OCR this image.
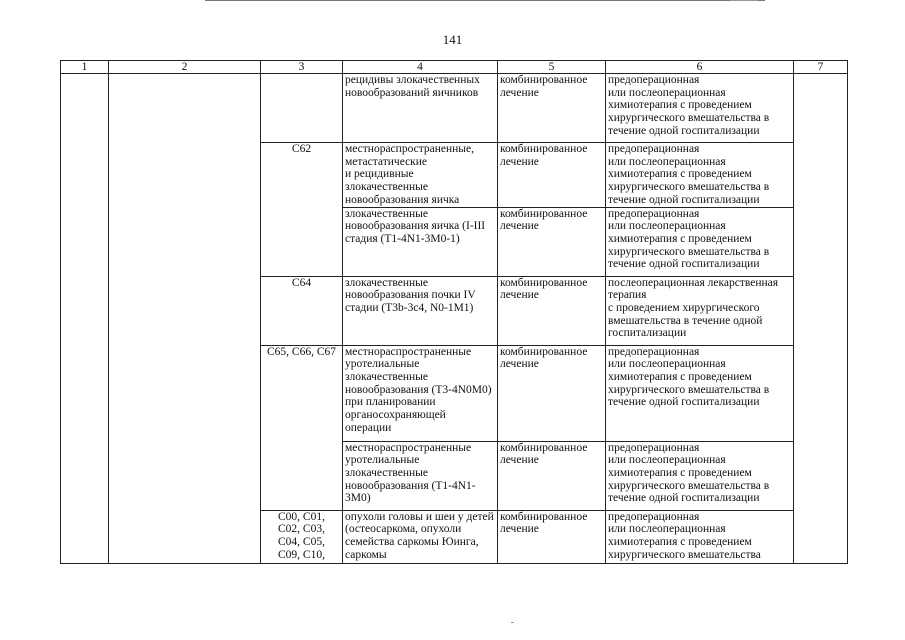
141
1	2	3	4	5	6	7
			рецидивы злокачественных новообразований яичников	комбинированное лечение	предоперационная
или послеоперационная химиотерапия с проведением хирургического вмешательства в течение одной госпитализации	
		C62	местнораспространенные, метастатические
и рецидивные злокачественные новообразования яичка	комбинированное лечение	предоперационная
или послеоперационная химиотерапия с проведением хирургического вмешательства в течение одной госпитализации	
			злокачественные новообразования яичка (I-III стадия (T1-4N1-3M0-1)	комбинированное лечение	предоперационная
или послеоперационная химиотерапия с проведением хирургического вмешательства в течение одной госпитализации	
		C64	злокачественные новообразования почки IV стадии (T3b-3c4, N0-1M1)	комбинированное лечение	послеоперационная лекарственная терапия
с проведением хирургического вмешательства в течение одной госпитализации	
		C65, C66, C67	местнораспространенные уротелиальные злокачественные новообразования (T3-4N0M0) при планировании органосохраняющей операции	комбинированное лечение	предоперационная
или послеоперационная химиотерапия с проведением хирургического вмешательства в течение одной госпитализации	
			местнораспространенные уротелиальные злокачественные новообразования (T1-4N1-3M0)	комбинированное лечение	предоперационная
или послеоперационная химиотерапия с проведением хирургического вмешательства в течение одной госпитализации	
		C00, C01,
C02, C03,
C04, C05,
C09, C10,	опухоли головы и шеи у детей (остеосаркома, опухоли семейства саркомы Юинга, саркомы	комбинированное лечение	предоперационная
или послеоперационная химиотерапия с проведением хирургического вмешательства	
